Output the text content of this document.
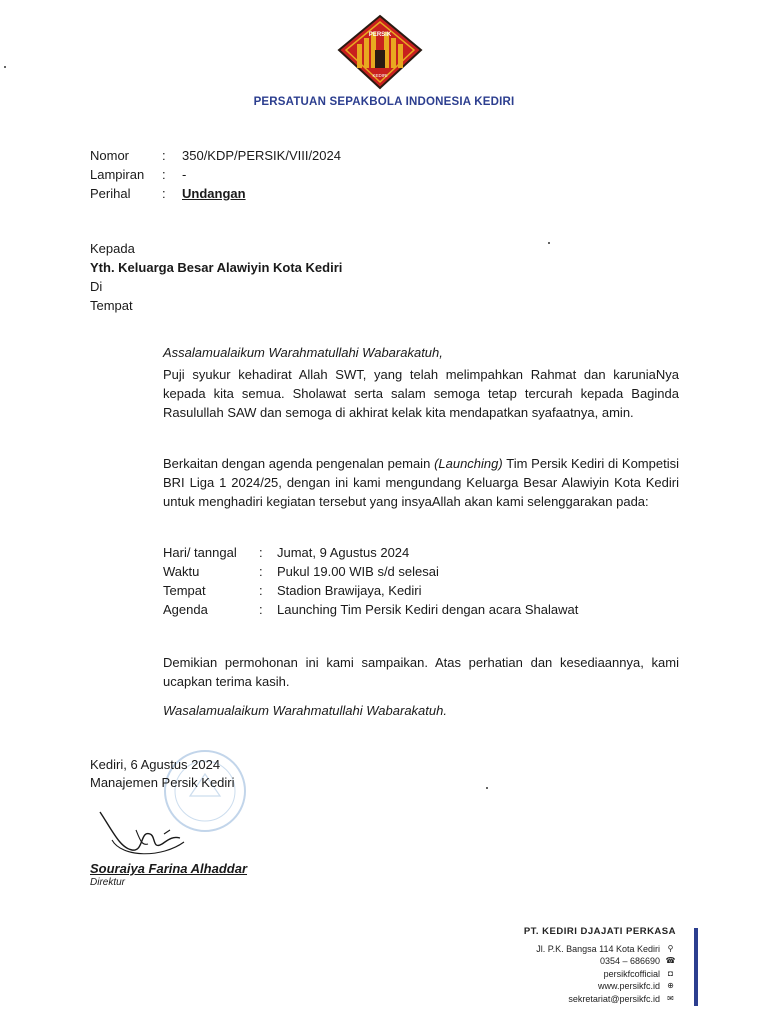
PERSIK
KEDIRI
PERSATUAN SEPAKBOLA INDONESIA KEDIRI
Nomor	:	350/KDP/PERSIK/VIII/2024
Lampiran	:	-
Perihal	:	Undangan
Kepada
Yth. Keluarga Besar Alawiyin Kota Kediri
Di
Tempat
Assalamualaikum Warahmatullahi Wabarakatuh,
Puji syukur kehadirat Allah SWT, yang telah melimpahkan Rahmat dan karuniaNya kepada kita semua. Sholawat serta salam semoga tetap tercurah kepada Baginda Rasulullah SAW dan semoga di akhirat kelak kita mendapatkan syafaatnya, amin.
Berkaitan dengan agenda pengenalan pemain (Launching) Tim Persik Kediri di Kompetisi BRI Liga 1 2024/25, dengan ini kami mengundang Keluarga Besar Alawiyin Kota Kediri untuk menghadiri kegiatan tersebut yang insyaAllah akan kami selenggarakan pada:
Hari/ tanngal	:	Jumat, 9 Agustus 2024
Waktu	:	Pukul 19.00 WIB s/d selesai
Tempat	:	Stadion Brawijaya, Kediri
Agenda	:	Launching Tim Persik Kediri dengan acara Shalawat
Demikian permohonan ini kami sampaikan. Atas perhatian dan kesediaannya, kami ucapkan terima kasih.
Wasalamualaikum Warahmatullahi Wabarakatuh.
Kediri, 6 Agustus 2024
Manajemen Persik Kediri
Souraiya Farina Alhaddar
Direktur
PT. KEDIRI DJAJATI PERKASA
Jl. P.K. Bangsa 114 Kota Kediri ⚲
0354 – 686690 ☎
persikfcofficial	◘
www.persikfc.id ⊕
sekretariat@persikfc.id ✉
